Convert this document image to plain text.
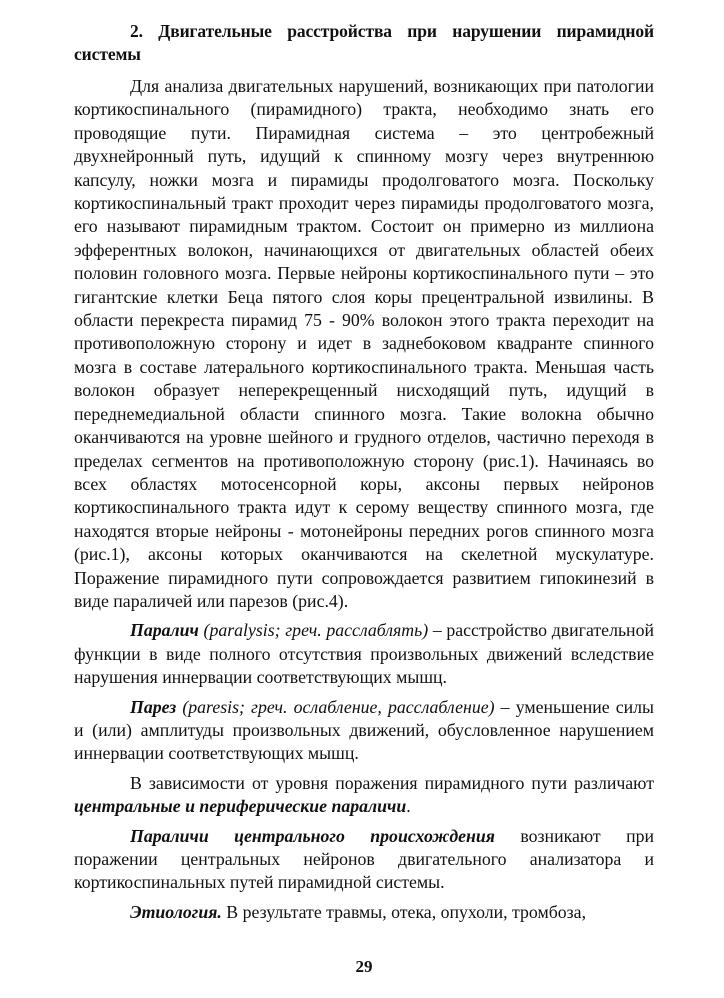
2. Двигательные расстройства при нарушении пирамидной системы

Для анализа двигательных нарушений, возникающих при патологии кортикоспинального (пирамидного) тракта, необходимо знать его проводящие пути. Пирамидная система – это центробежный двухнейронный путь, идущий к спинному мозгу через внутреннюю капсулу, ножки мозга и пирамиды продолговатого мозга. Поскольку кортикоспинальный тракт проходит через пирамиды продолговатого мозга, его называют пирамидным трактом. Состоит он примерно из миллиона эфферентных волокон, начинающихся от двигательных областей обеих половин головного мозга. Первые нейроны кортикоспинального пути – это гигантские клетки Беца пятого слоя коры прецентральной извилины. В области перекреста пирамид 75 - 90% волокон этого тракта переходит на противоположную сторону и идет в заднебоковом квадранте спинного мозга в составе латерального кортикоспинального тракта. Меньшая часть волокон образует неперекрещенный нисходящий путь, идущий в переднемедиальной области спинного мозга. Такие волокна обычно оканчиваются на уровне шейного и грудного отделов, частично переходя в пределах сегментов на противоположную сторону (рис.1). Начинаясь во всех областях мотосенсорной коры, аксоны первых нейронов кортикоспинального тракта идут к серому веществу спинного мозга, где находятся вторые нейроны - мотонейроны передних рогов спинного мозга (рис.1), аксоны которых оканчиваются на скелетной мускулатуре. Поражение пирамидного пути сопровождается развитием гипокинезий в виде параличей или парезов (рис.4).

Паралич (paralysis; греч. расслаблять) – расстройство двигательной функции в виде полного отсутствия произвольных движений вследствие нарушения иннервации соответствующих мышц.

Парез (paresis; греч. ослабление, расслабление) – уменьшение силы и (или) амплитуды произвольных движений, обусловленное нарушением иннервации соответствующих мышц.

В зависимости от уровня поражения пирамидного пути различают центральные и периферические параличи.

Параличи центрального происхождения возникают при поражении центральных нейронов двигательного анализатора и кортикоспинальных путей пирамидной системы.

Этиология. В результате травмы, отека, опухоли, тромбоза,

29
